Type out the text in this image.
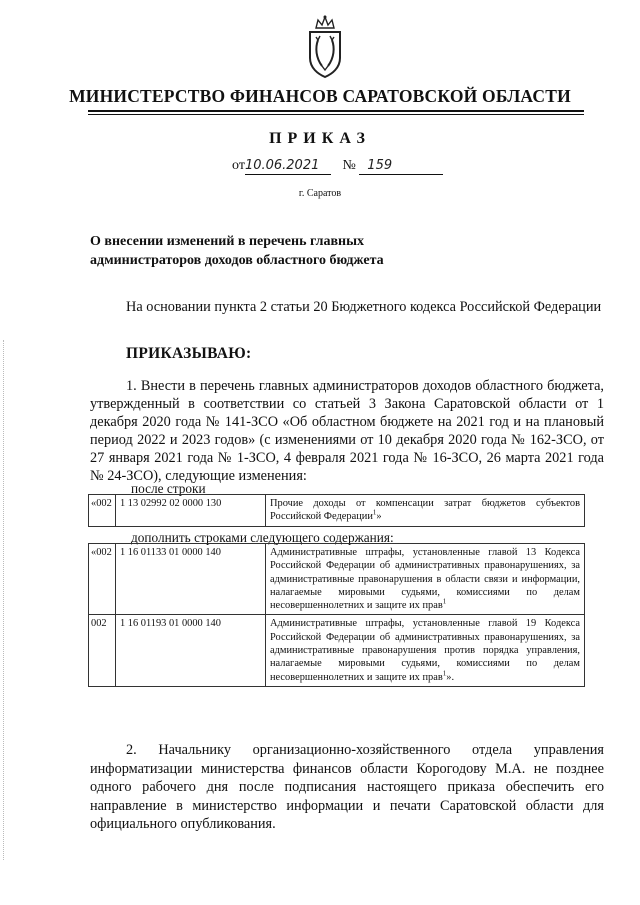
МИНИСТЕРСТВО ФИНАНСОВ САРАТОВСКОЙ ОБЛАСТИ
ПРИКАЗ
от10.06.2021 № 159
г. Саратов
О внесении изменений в перечень главных администраторов доходов областного бюджета
На основании пункта 2 статьи 20 Бюджетного кодекса Российской Федерации
ПРИКАЗЫВАЮ:
1. Внести в перечень главных администраторов доходов областного бюджета, утвержденный в соответствии со статьей 3 Закона Саратовской области от 1 декабря 2020 года № 141-ЗСО «Об областном бюджете на 2021 год и на плановый период 2022 и 2023 годов» (с изменениями от 10 декабря 2020 года № 162-ЗСО, от 27 января 2021 года № 1-ЗСО, 4 февраля 2021 года № 16-ЗСО, 26 марта 2021 года № 24-ЗСО), следующие изменения:
после строки
«002	1 13 02992 02 0000 130	Прочие доходы от компенсации затрат бюджетов субъектов Российской Федерации$^1$»
дополнить строками следующего содержания:
«002	1 16 01133 01 0000 140	Административные штрафы, установленные главой 13 Кодекса Российской Федерации об административных правонарушениях, за административные правонарушения в области связи и информации, налагаемые мировыми судьями, комиссиями по делам несовершеннолетних и защите их прав$^1$
002	1 16 01193 01 0000 140	Административные штрафы, установленные главой 19 Кодекса Российской Федерации об административных правонарушениях, за административные правонарушения против порядка управления, налагаемые мировыми судьями, комиссиями по делам несовершеннолетних и защите их прав$^1$».
2. Начальнику организационно-хозяйственного отдела управления информатизации министерства финансов области Корогодову М.А. не позднее одного рабочего дня после подписания настоящего приказа обеспечить его направление в министерство информации и печати Саратовской области для официального опубликования.
